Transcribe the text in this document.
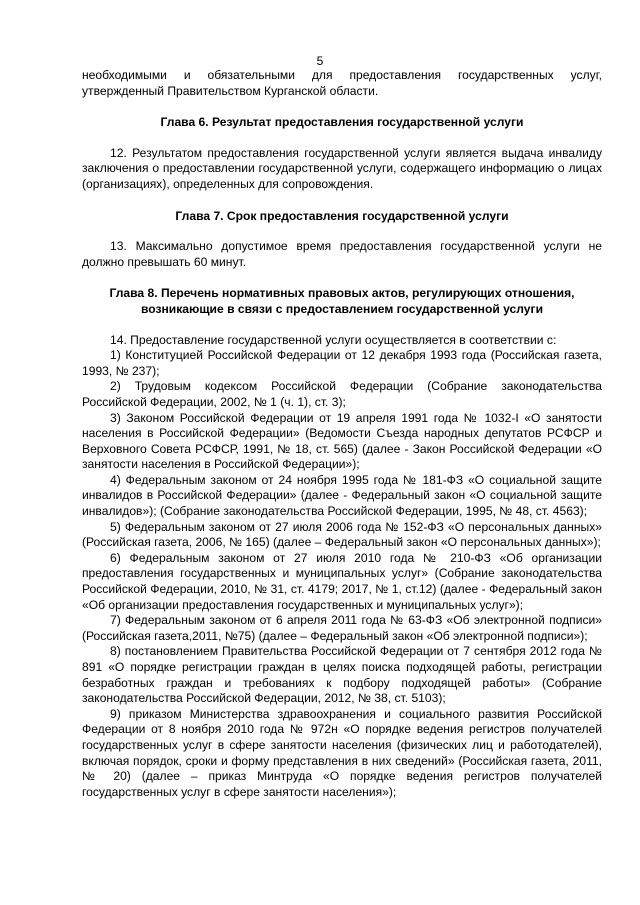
5

необходимыми и обязательными для предоставления государственных услуг, утвержденный Правительством Курганской области.

Глава 6. Результат предоставления государственной услуги

12. Результатом предоставления государственной услуги является выдача инвалиду заключения о предоставлении государственной услуги, содержащего информацию о лицах (организациях), определенных для сопровождения.

Глава 7. Срок предоставления государственной услуги

13. Максимально допустимое время предоставления государственной услуги не должно превышать 60 минут.

Глава 8. Перечень нормативных правовых актов, регулирующих отношения,
возникающие в связи с предоставлением государственной услуги

14. Предоставление государственной услуги осуществляется в соответствии с:

1) Конституцией Российской Федерации от 12 декабря 1993 года (Российская газета, 1993, № 237);

2) Трудовым кодексом Российской Федерации (Собрание законодательства Российской Федерации, 2002, № 1 (ч. 1), ст. 3);

3) Законом Российской Федерации от 19 апреля 1991 года № 1032-I «О занятости населения в Российской Федерации» (Ведомости Съезда народных депутатов РСФСР и Верховного Совета РСФСР, 1991, № 18, ст. 565) (далее - Закон Российской Федерации «О занятости населения в Российской Федерации»);

4) Федеральным законом от 24 ноября 1995 года № 181-ФЗ «О социальной защите инвалидов в Российской Федерации» (далее - Федеральный закон «О социальной защите инвалидов»); (Собрание законодательства Российской Федерации, 1995, № 48, ст. 4563);

5) Федеральным законом от 27 июля 2006 года № 152-ФЗ «О персональных данных» (Российская газета, 2006, № 165) (далее – Федеральный закон «О персональных данных»);

6) Федеральным законом от 27 июля 2010 года № 210-ФЗ «Об организации предоставления государственных и муниципальных услуг» (Собрание законодательства Российской Федерации, 2010, № 31, ст. 4179; 2017, № 1, ст.12) (далее - Федеральный закон «Об организации предоставления государственных и муниципальных услуг»);

7) Федеральным законом от 6 апреля 2011 года № 63-ФЗ «Об электронной подписи» (Российская газета,2011, №75) (далее – Федеральный закон «Об электронной подписи»);

8) постановлением Правительства Российской Федерации от 7 сентября 2012 года № 891 «О порядке регистрации граждан в целях поиска подходящей работы, регистрации безработных граждан и требованиях к подбору подходящей работы» (Собрание законодательства Российской Федерации, 2012, № 38, ст. 5103);

9) приказом Министерства здравоохранения и социального развития Российской Федерации от 8 ноября 2010 года № 972н «О порядке ведения регистров получателей государственных услуг в сфере занятости населения (физических лиц и работодателей), включая порядок, сроки и форму представления в них сведений» (Российская газета, 2011, № 20) (далее – приказ Минтруда «О порядке ведения регистров получателей государственных услуг в сфере занятости населения»);
